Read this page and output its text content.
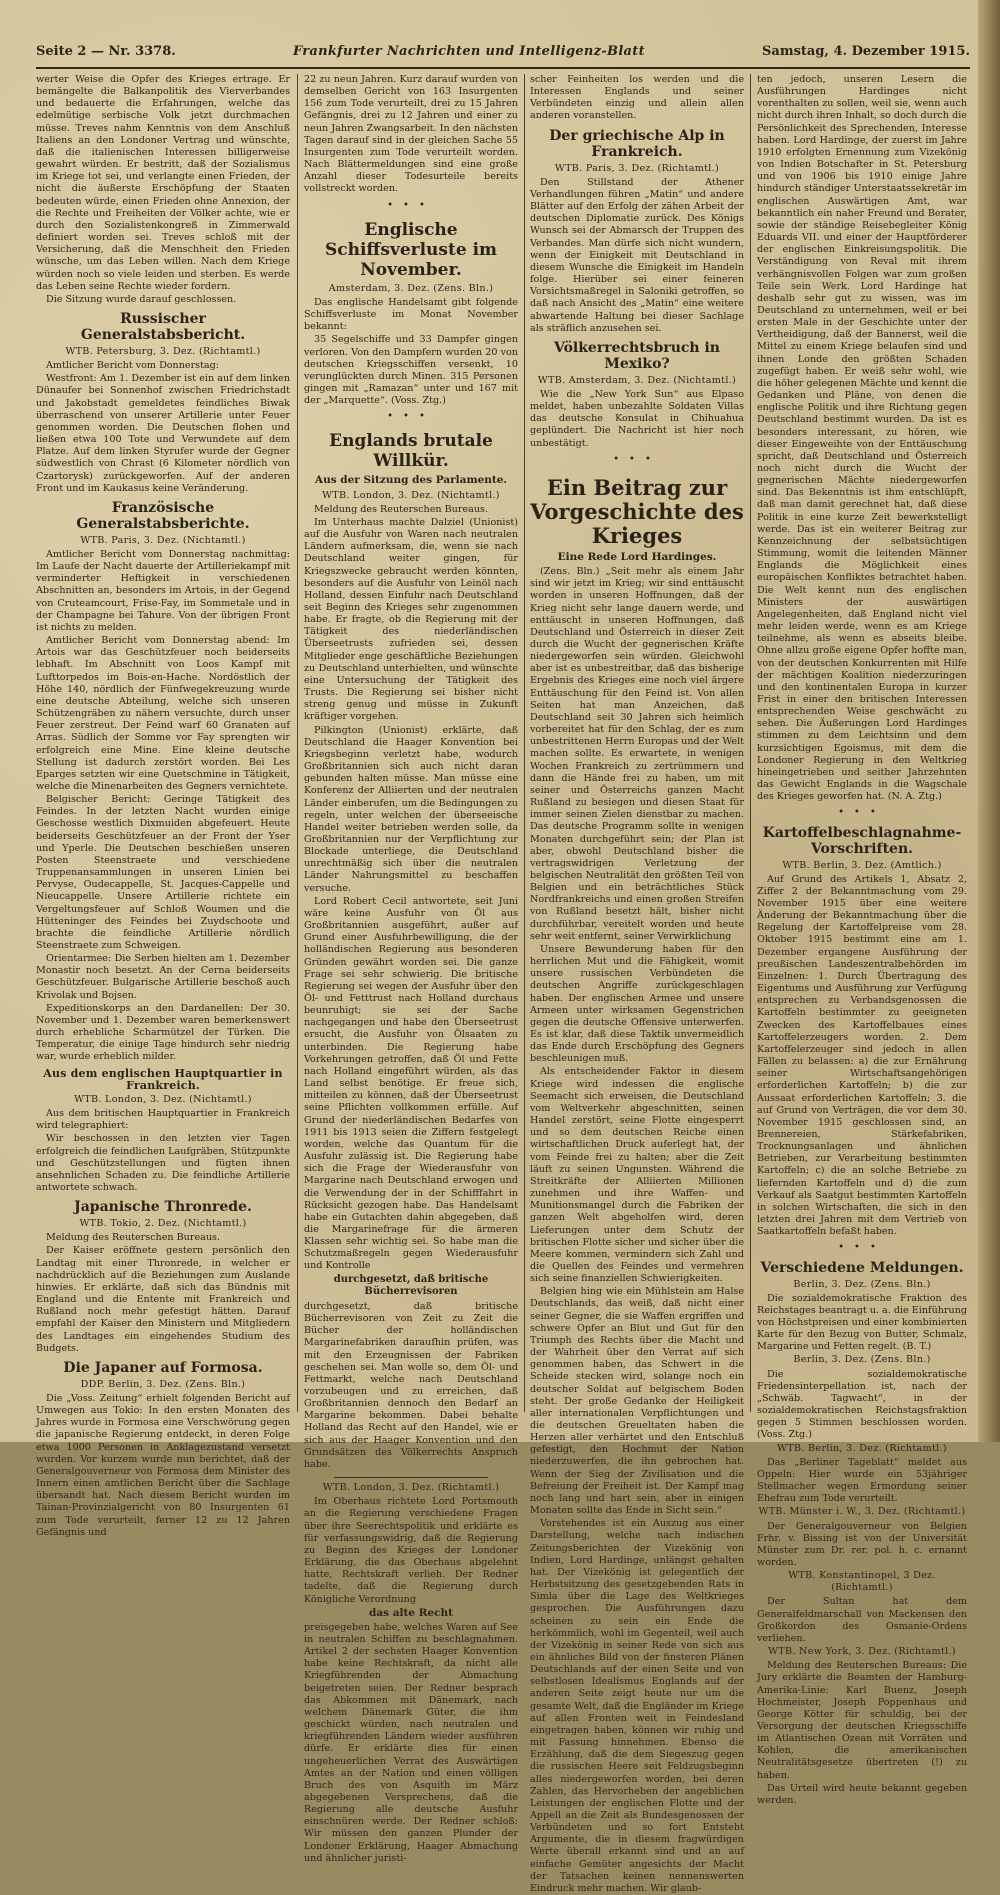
Seite 2 — Nr. 3378.	Frankfurter Nachrichten und Intelligenz-Blatt	Samstag, 4. Dezember 1915.

werter Weise die Opfer des Krieges ertrage. Er bemängelte die Balkanpolitik des Vierverbandes und bedauerte die Erfahrungen, welche das edelmütige serbische Volk jetzt durchmachen müsse. Treves nahm Kenntnis von dem Anschluß Italiens an den Londoner Vertrag und wünschte, daß die italienischen Interessen billigerweise gewahrt würden. Er bestritt, daß der Sozialismus im Kriege tot sei, und verlangte einen Frieden, der nicht die äußerste Erschöpfung der Staaten bedeuten würde, einen Frieden ohne Annexion, der die Rechte und Freiheiten der Völker achte, wie er durch den Sozialistenkongreß in Zimmerwald definiert worden sei. Treves schloß mit der Versicherung, daß die Menschheit den Frieden wünsche, um das Leben willen. Nach dem Kriege würden noch so viele leiden und sterben. Es werde das Leben seine Rechte wieder fordern.

Die Sitzung wurde darauf geschlossen.

Russischer Generalstabsbericht.
WTB. Petersburg, 3. Dez. (Richtamtl.)

Amtlicher Bericht vom Donnerstag:

Westfront: Am 1. Dezember ist ein auf dem linken Dünaufer bei Sonnenhof zwischen Friedrichstadt und Jakobstadt gemeldetes feindliches Biwak überraschend von unserer Artillerie unter Feuer genommen worden. Die Deutschen flohen und ließen etwa 100 Tote und Verwundete auf dem Platze. Auf dem linken Styrufer wurde der Gegner südwestlich von Chrast (6 Kilometer nördlich von Czartorysk) zurückgeworfen. Auf der anderen Front und im Kaukasus keine Veränderung.

Französische Generalstabsberichte.
WTB. Paris, 3. Dez. (Nichtamtl.)

Amtlicher Bericht vom Donnerstag nachmittag: Im Laufe der Nacht dauerte der Artilleriekampf mit verminderter Heftigkeit in verschiedenen Abschnitten an, besonders im Artois, in der Gegend von Cruteamcourt, Frise-Fay, im Sommetale und in der Champagne bei Tahure. Von der übrigen Front ist nichts zu melden.

Amtlicher Bericht vom Donnerstag abend: Im Artois war das Geschützfeuer noch beiderseits lebhaft. Im Abschnitt von Loos Kampf mit Lufttorpedos im Bois-en-Hache. Nordöstlich der Höhe 140, nördlich der Fünfwegekreuzung wurde eine deutsche Abteilung, welche sich unseren Schützengräben zu nähern versuchte, durch unser Feuer zerstreut. Der Feind warf 60 Granaten auf Arras. Südlich der Somme vor Fay sprengten wir erfolgreich eine Mine. Eine kleine deutsche Stellung ist dadurch zerstört worden. Bei Les Eparges setzten wir eine Quetschmine in Tätigkeit, welche die Minenarbeiten des Gegners vernichtete.

Belgischer Bericht: Geringe Tätigkeit des Feindes. In der letzten Nacht wurden einige Geschosse westlich Dixmuiden abgefeuert. Heute beiderseits Geschützfeuer an der Front der Yser und Yperle. Die Deutschen beschießen unseren Posten Steenstraete und verschiedene Truppenansammlungen in unseren Linien bei Pervyse, Oudecappelle, St. Jacques-Cappelle und Nieucappelle. Unsere Artillerie richtete ein Vergeltungsfeuer auf Schloß Woumen und die Hütteninger des Feindes bei Zuydschoote und brachte die feindliche Artillerie nördlich Steenstraete zum Schweigen.

Orientarmee: Die Serben hielten am 1. Dezember Monastir noch besetzt. An der Cerna beiderseits Geschützfeuer. Bulgarische Artillerie beschoß auch Krivolak und Bojsen.

Expeditionskorps an den Dardanellen: Der 30. November und 1. Dezember waren bemerkenswert durch erhebliche Scharmützel der Türken. Die Temperatur, die einige Tage hindurch sehr niedrig war, wurde erheblich milder.

Aus dem englischen Hauptquartier in Frankreich.
WTB. London, 3. Dez. (Nichtamtl.)

Aus dem britischen Hauptquartier in Frankreich wird telegraphiert:

Wir beschossen in den letzten vier Tagen erfolgreich die feindlichen Laufgräben, Stützpunkte und Geschützstellungen und fügten ihnen ansehnlichen Schaden zu. Die feindliche Artillerie antwortete schwach.

Japanische Thronrede.
WTB. Tokio, 2. Dez. (Nichtamtl.)

Meldung des Reuterschen Bureaus.

Der Kaiser eröffnete gestern persönlich den Landtag mit einer Thronrede, in welcher er nachdrücklich auf die Beziehungen zum Auslande hinwies. Er erklärte, daß sich das Bündnis mit England und die Entente mit Frankreich und Rußland noch mehr gefestigt hätten. Darauf empfahl der Kaiser den Ministern und Mitgliedern des Landtages ein eingehendes Studium des Budgets.

Die Japaner auf Formosa.
DDP. Berlin, 3. Dez. (Zens. Bln.)

Die „Voss. Zeitung“ erhielt folgenden Bericht auf Umwegen aus Tokio: In den ersten Monaten des Jahres wurde in Formosa eine Verschwörung gegen die japanische Regierung entdeckt, in deren Folge etwa 1000 Personen in Anklagezustand versetzt wurden. Vor kurzem wurde nun berichtet, daß der Generalgouverneur von Formosa dem Minister des Innern einen amtlichen Bericht über die Sachlage übersandt hat. Nach diesem Bericht wurden im Tainan-Provinzialgericht von 80 Insurgenten 61 zum Tode verurteilt, ferner 12 zu 12 Jahren Gefängnis und

22 zu neun Jahren. Kurz darauf wurden von demselben Gericht von 163 Insurgenten 156 zum Tode verurteilt, drei zu 15 Jahren Gefängnis, drei zu 12 Jahren und einer zu neun Jahren Zwangsarbeit. In den nächsten Tagen darauf sind in der gleichen Sache 55 Insurgenten zum Tode verurteilt worden. Nach Blättermeldungen sind eine große Anzahl dieser Todesurteile bereits vollstreckt worden.

•••
Englische Schiffsverluste im November.
Amsterdam, 3. Dez. (Zens. Bln.)

Das englische Handelsamt gibt folgende Schiffsverluste im Monat November bekannt:

35 Segelschiffe und 33 Dampfer gingen verloren. Von den Dampfern wurden 20 von deutschen Kriegsschiffen versenkt, 10 verunglückten durch Minen. 315 Personen gingen mit „Ramazan“ unter und 167 mit der „Marquette“. (Voss. Ztg.)

•••
Englands brutale Willkür.
Aus der Sitzung des Parlamente.
WTB. London, 3. Dez. (Nichtamtl.)

Meldung des Reuterschen Bureaus.

Im Unterhaus machte Dalziel (Unionist) auf die Ausfuhr von Waren nach neutralen Ländern aufmerksam, die, wenn sie nach Deutschland weiter gingen, für Kriegszwecke gebraucht werden könnten, besonders auf die Ausfuhr von Leinöl nach Holland, dessen Einfuhr nach Deutschland seit Beginn des Krieges sehr zugenommen habe. Er fragte, ob die Regierung mit der Tätigkeit des niederländischen Überseetrusts zufrieden sei, dessen Mitglieder enge geschäftliche Beziehungen zu Deutschland unterhielten, und wünschte eine Untersuchung der Tätigkeit des Trusts. Die Regierung sei bisher nicht streng genug und müsse in Zukunft kräftiger vorgehen.

Pilkington (Unionist) erklärte, daß Deutschland die Haager Konvention bei Kriegsbeginn verletzt habe, wodurch Großbritannien sich auch nicht daran gebunden halten müsse. Man müsse eine Konferenz der Alliierten und der neutralen Länder einberufen, um die Bedingungen zu regeln, unter welchen der überseeische Handel weiter betrieben werden solle, da Großbritannien nur der Verpflichtung zur Blockade unterliege, die Deutschland unrechtmäßig sich über die neutralen Länder Nahrungsmittel zu beschaffen versuche.

Lord Robert Cecil antwortete, seit Juni wäre keine Ausfuhr von Öl aus Großbritannien ausgeführt, außer auf Grund einer Ausfuhrbewilligung, die der holländischen Regierung aus besonderen Gründen gewährt worden sei. Die ganze Frage sei sehr schwierig. Die britische Regierung sei wegen der Ausfuhr über den Öl- und Fetttrust nach Holland durchaus beunruhigt; sie sei der Sache nachgegangen und habe den Überseetrust ersucht, die Ausfuhr von Ölsaaten zu unterbinden. Die Regierung habe Vorkehrungen getroffen, daß Öl und Fette nach Holland eingeführt würden, als das Land selbst benötige. Er freue sich, mitteilen zu können, daß der Überseetrust seine Pflichten vollkommen erfülle. Auf Grund der niederländischen Bedarfes von 1911 bis 1913 seien die Ziffern festgelegt worden, welche das Quantum für die Ausfuhr zulässig ist. Die Regierung habe sich die Frage der Wiederausfuhr von Margarine nach Deutschland erwogen und die Verwendung der in der Schifffahrt in Rücksicht gezogen habe. Das Handelsamt habe ein Gutachten dahin abgegeben, daß die Margarinefrage für die ärmeren Klassen sehr wichtig sei. So habe man die Schutzmaßregeln gegen Wiederausfuhr und Kontrolle

durchgesetzt, daß britische Bücherrevisoren

durchgesetzt, daß britische Bücherrevisoren von Zeit zu Zeit die Bücher der holländischen Margarinefabriken daraufhin prüfen, was mit den Erzeugnissen der Fabriken geschehen sei. Man wolle so, dem Öl- und Fettmarkt, welche nach Deutschland vorzubeugen und zu erreichen, daß Großbritannien dennoch den Bedarf an Margarine bekommen. Dabei behalte Holland das Recht auf den Handel, wie er sich aus der Haager Konvention und den Grundsätzen des Völkerrechts Anspruch habe.

WTB. London, 3. Dez. (Richtamtl.)

Im Oberhaus richtete Lord Portsmouth an die Regierung verschiedene Fragen über ihre Seerechtspolitik und erklärte es für verfassungswidrig, daß die Regierung zu Beginn des Krieges der Londoner Erklärung, die das Oberhaus abgelehnt hatte, Rechtskraft verlieh. Der Redner tadelte, daß die Regierung durch Königliche Verordnung

das alte Recht

preisgegeben habe, welches Waren auf See in neutralen Schiffen zu beschlagnahmen. Artikel 2 der sechsten Haager Konvention habe keine Rechtskraft, da nicht alle Kriegführenden der Abmachung beigetreten seien. Der Redner besprach das Abkommen mit Dänemark, nach welchem Dänemark Güter, die ihm geschickt würden, nach neutralen und kriegführenden Ländern wieder ausführen dürfe. Er erklärte dies für einen ungeheuerlichen Verrat des Auswärtigen Amtes an der Nation und einen völligen Bruch des von Asquith im März abgegebenen Versprechens, daß die Regierung alle deutsche Ausfuhr einschnüren werde. Der Redner schloß: Wir müssen den ganzen Plunder der Londoner Erklärung, Haager Abmachung und ähnlicher juristi-

scher Feinheiten los werden und die Interessen Englands und seiner Verbündeten einzig und allein allen anderen voranstellen.

Der griechische Alp in Frankreich.
WTB. Paris, 3. Dez. (Richtamtl.)

Den Stillstand der Athener Verhandlungen führen „Matin“ und andere Blätter auf den Erfolg der zähen Arbeit der deutschen Diplomatie zurück. Des Königs Wunsch sei der Abmarsch der Truppen des Verbandes. Man dürfe sich nicht wundern, wenn der Einigkeit mit Deutschland in diesem Wunsche die Einigkeit im Handeln folge. Hierüber sei einer feineren Vorsichtsmaßregel in Saloniki getroffen, so daß nach Ansicht des „Matin“ eine weitere abwartende Haltung bei dieser Sachlage als sträflich anzusehen sei.

Völkerrechtsbruch in Mexiko?
WTB. Amsterdam, 3. Dez. (Nichtamtl.)

Wie die „New York Sun“ aus Elpaso meldet, haben unbezahlte Soldaten Villas das deutsche Konsulat in Chihuahua geplündert. Die Nachricht ist hier noch unbestätigt.

•••
Ein Beitrag zur Vorgeschichte des Krieges
Eine Rede Lord Hardinges.

(Zens. Bln.) „Seit mehr als einem Jahr sind wir jetzt im Krieg; wir sind enttäuscht worden in unseren Hoffnungen, daß der Krieg nicht sehr lange dauern werde, und enttäuscht in unseren Hoffnungen, daß Deutschland und Österreich in dieser Zeit durch die Wucht der gegnerischen Kräfte niedergeworfen sein würden. Gleichwohl aber ist es unbestreitbar, daß das bisherige Ergebnis des Krieges eine noch viel ärgere Enttäuschung für den Feind ist. Von allen Seiten hat man Anzeichen, daß Deutschland seit 30 Jahren sich heimlich vorbereitet hat für den Schlag, der es zum unbestrittenen Herrn Europas und der Welt machen sollte. Es erwartete, in wenigen Wochen Frankreich zu zertrümmern und dann die Hände frei zu haben, um mit seiner und Österreichs ganzen Macht Rußland zu besiegen und diesen Staat für immer seinen Zielen dienstbar zu machen. Das deutsche Programm sollte in wenigen Monaten durchgeführt sein; der Plan ist aber, obwohl Deutschland bisher die vertragswidrigen Verletzung der belgischen Neutralität den größten Teil von Belgien und ein beträchtliches Stück Nordfrankreichs und einen großen Streifen von Rußland besetzt hält, bisher nicht durchführbar, vereitelt worden und heute sehr weit entfernt, seiner Verwirklichung

Unsere Bewunderung haben für den herrlichen Mut und die Fähigkeit, womit unsere russischen Verbündeten die deutschen Angriffe zurückgeschlagen haben. Der englischen Armee und unsere Armeen unter wirksamen Gegenstrichen gegen die deutsche Offensive unterwerfen. Es ist klar, daß diese Taktik unvermeidlich das Ende durch Erschöpfung des Gegners beschleunigen muß.

Als entscheidender Faktor in diesem Kriege wird indessen die englische Seemacht sich erweisen, die Deutschland vom Weltverkehr abgeschnitten, seinen Handel zerstört, seine Flotte eingesperrt und so dem deutschen Reiche einen wirtschaftlichen Druck auferlegt hat, der vom Feinde frei zu halten; aber die Zeit läuft zu seinen Ungunsten. Während die Streitkräfte der Alliierten Millionen zunehmen und ihre Waffen- und Munitionsmangel durch die Fabriken der ganzen Welt abgeholfen wird, deren Lieferungen unter dem Schutz der britischen Flotte sicher und sicher über die Meere kommen, vermindern sich Zahl und die Quellen des Feindes und vermehren sich seine finanziellen Schwierigkeiten.

Belgien hing wie ein Mühlstein am Halse Deutschlands, das weiß, daß nicht einer seiner Gegner, die sie Waffen ergriffen und schwere Opfer an Blut und Gut für den Triumph des Rechts über die Macht und der Wahrheit über den Verrat auf sich genommen haben, das Schwert in die Scheide stecken wird, solange noch ein deutscher Soldat auf belgischem Boden steht. Der große Gedanke der Heiligkeit aller internationalen Verpflichtungen und die deutschen Greueltaten haben die Herzen aller verhärtet und den Entschluß gefestigt, den Hochmut der Nation niederzuwerfen, die ihn gebrochen hat. Wenn der Sieg der Zivilisation und die Befreiung der Freiheit ist. Der Kampf mag noch lang und hart sein, aber in einigen Monaten sollte das Ende in Sicht sein.“

Vorstehendes ist ein Auszug aus einer Darstellung, welche nach indischen Zeitungsberichten der Vizekönig von Indien, Lord Hardinge, unlängst gehalten hat. Der Vizekönig ist gelegentlich der Herbstsitzung des gesetzgebenden Rats in Simla über die Lage des Weltkrieges gesprochen. Die Ausführungen dazu scheinen zu sein ein Ende die herkömmlich, wohl im Gegenteil, weil auch der Vizekönig in seiner Rede von sich aus ein ähnliches Bild von der finsteren Plänen Deutschlands auf der einen Seite und von selbstlosen Idealismus Englands auf der anderen Seite zeigt heute nur um die gesamte Welt, daß die Engländer im Kriege auf allen Fronten weit in Feindesland eingetragen haben, können wir ruhig und mit Fassung hinnehmen. Ebenso die Erzählung, daß die dem Siegeszug gegen die russischen Heere seit Feldzugsbeginn alles niedergeworfen worden, bei deren Zahlen, das Hervorheben der angeblichen Leistungen der englischen Flotte und der Appell an die Zeit als Bundesgenossen der Verbündeten und so fort Entsteht Argumente, die in diesem fragwürdigen Werte überall erkannt sind und an auf einfache Gemüter angesichts der Macht der Tatsachen keinen nennenswerten Eindruck mehr machen. Wir glaub-

ten jedoch, unseren Lesern die Ausführungen Hardinges nicht vorenthalten zu sollen, weil sie, wenn auch nicht durch ihren Inhalt, so doch durch die Persönlichkeit des Sprechenden, Interesse haben. Lord Hardinge, der zuerst im Jahre 1910 erfolgten Ernennung zum Vizekönig von Indien Botschafter in St. Petersburg und von 1906 bis 1910 einige Jahre hindurch ständiger Unterstaatssekretär im englischen Auswärtigen Amt, war bekanntlich ein naher Freund und Berater, sowie der ständige Reisebegleiter König Eduards VII. und einer der Hauptförderer der englischen Einkreisungspolitik. Die Verständigung von Reval mit ihrem verhängnisvollen Folgen war zum großen Teile sein Werk. Lord Hardinge hat deshalb sehr gut zu wissen, was im Deutschland zu unternehmen, weil er bei ersten Male in der Geschichte unter der Vertheidigung, daß der Bannerst, weil die Mittel zu einem Kriege belaufen sind und ihnen Londe den größten Schaden zugefügt haben. Er weiß sehr wohl, wie die höher gelegenen Mächte und kennt die Gedanken und Pläne, von denen die englische Politik und ihre Richtung gegen Deutschland bestimmt wurden. Da ist es besonders interessant, zu hören, wie dieser Eingeweihte von der Enttäuschung spricht, daß Deutschland und Österreich noch nicht durch die Wucht der gegnerischen Mächte niedergeworfen sind. Das Bekenntnis ist ihm entschlüpft, daß man damit gerechnet hat, daß diese Politik in eine kurze Zeit bewerkstelligt werde. Das ist ein weiterer Beitrag zur Kennzeichnung der selbstsüchtigen Stimmung, womit die leitenden Männer Englands die Möglichkeit eines europäischen Konfliktes betrachtet haben. Die Welt kennt nun des englischen Ministers der auswärtigen Angelegenheiten, daß England nicht viel mehr leiden werde, wenn es am Kriege teilnehme, als wenn es abseits bleibe. Ohne allzu große eigene Opfer hoffte man, von der deutschen Konkurrenten mit Hilfe der mächtigen Koalition niederzuringen und den kontinentalen Europa in kurzer Frist in einer den britischen Interessen entsprechenden Weise geschwächt zu sehen. Die Äußerungen Lord Hardinges stimmen zu dem Leichtsinn und dem kurzsichtigen Egoismus, mit dem die Londoner Regierung in den Weltkrieg hineingetrieben und seither Jahrzehnten das Gewicht Englands in die Wagschale des Krieges geworfen hat. (N. A. Ztg.)

•••
Kartoffelbeschlagnahme-Vorschriften.
WTB. Berlin, 3. Dez. (Amtlich.)

Auf Grund des Artikels 1, Absatz 2, Ziffer 2 der Bekanntmachung vom 29. November 1915 über eine weitere Änderung der Bekanntmachung über die Regelung der Kartoffelpreise vom 28. Oktober 1915 bestimmt eine am 1. Dezember ergangene Ausführung der preußischen Landeszentralbehörden im Einzelnen: 1. Durch Übertragung des Eigentums und Ausführung zur Verfügung entsprechen zu Verbandsgenossen die Kartoffeln bestimmter zu geeigneten Zwecken des Kartoffelbaues eines Kartoffelerzeugers worden. 2. Dem Kartoffelerzeuger sind jedoch in allen Fällen zu belassen: a) die zur Ernährung seiner Wirtschaftsangehörigen erforderlichen Kartoffeln; b) die zur Aussaat erforderlichen Kartoffeln; 3. die auf Grund von Verträgen, die vor dem 30. November 1915 geschlossen sind, an Brennereien, Stärkefabriken, Trocknungsanlagen und ähnlichen Betrieben, zur Verarbeitung bestimmten Kartoffeln; c) die an solche Betriebe zu liefernden Kartoffeln und d) die zum Verkauf als Saatgut bestimmten Kartoffeln in solchen Wirtschaften, die sich in den letzten drei Jahren mit dem Vertrieb von Saatkartoffeln befaßt haben.

•••
Verschiedene Meldungen.
Berlin, 3. Dez. (Zens. Bln.)

Die sozialdemokratische Fraktion des Reichstages beantragt u. a. die Einführung von Höchstpreisen und einer kombinierten Karte für den Bezug von Butter, Schmalz, Margarine und Fetten regelt. (B. T.)

Berlin, 3. Dez. (Zens. Bln.)

Die sozialdemokratische Friedensinterpellation ist, nach der „Schwäb. Tagwacht“, in der sozialdemokratischen Reichstagsfraktion gegen 5 Stimmen beschlossen worden. (Voss. Ztg.)

WTB. Berlin, 3. Dez. (Richtamtl.)

Das „Berliner Tageblatt“ meldet aus Oppeln: Hier wurde ein 53jähriger Stellmacher wegen Ermordung seiner Ehefrau zum Tode verurteilt.

WTB. Münster i. W., 3. Dez. (Richtamtl.)

Der Generalgouverneur von Belgien Frhr. v. Bissing ist von der Universität Münster zum Dr. rer. pol. h. c. ernannt worden.

WTB. Konstantinopel, 3 Dez. (Richtamtl.)

Der Sultan hat dem Generalfeldmarschall von Mackensen den Großkordon des Osmanie-Ordens verliehen.

WTB. New York, 3. Dez. (Richtamtl.)

Meldung des Reuterschen Bureaus: Die Jury erklärte die Beamten der Hamburg-Amerika-Linie: Karl Buenz, Joseph Hochmeister, Joseph Poppenhaus und George Kötter für schuldig, bei der Versorgung der deutschen Kriegsschiffe im Atlantischen Ozean mit Vorräten und Kohlen, die amerikanischen Neutralitätsgesetze übertreten (!) zu haben.

Das Urteil wird heute bekannt gegeben werden.
